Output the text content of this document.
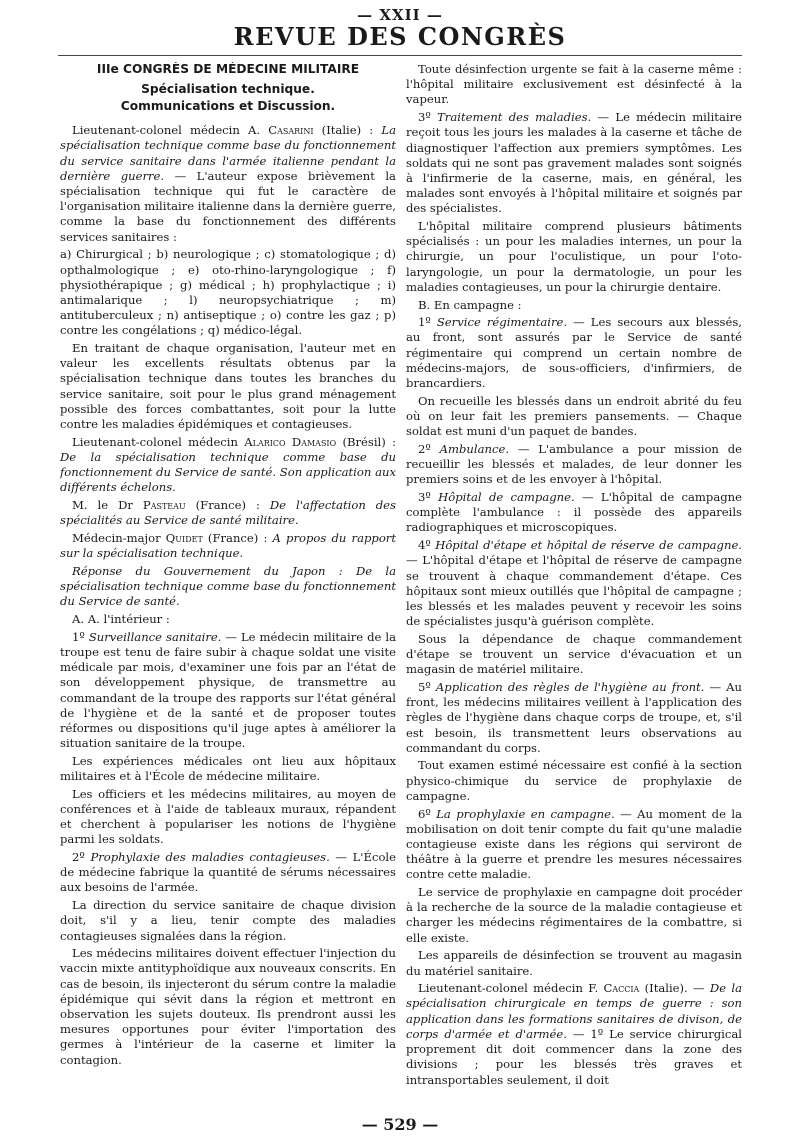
— XXII —
REVUE DES CONGRÈS
IIIe CONGRÈS DE MÉDECINE MILITAIRE
Spécialisation technique.
Communications et Discussion.

Lieutenant-colonel médecin A. Casarini (Italie) : La spécialisation technique comme base du fonctionnement du service sanitaire dans l'armée italienne pendant la dernière guerre. — L'auteur expose brièvement la spécialisation technique qui fut le caractère de l'organisation militaire italienne dans la dernière guerre, comme la base du fonctionnement des différents services sanitaires :

a) Chirurgical ; b) neurologique ; c) stomatologique ; d) opthalmologique ; e) oto-rhino-laryngologique ; f) physiothérapique ; g) médical ; h) prophylactique ; i) antimalarique ; l) neuropsychiatrique ; m) antituberculeux ; n) antiseptique ; o) contre les gaz ; p) contre les congélations ; q) médico-légal.

En traitant de chaque organisation, l'auteur met en valeur les excellents résultats obtenus par la spécialisation technique dans toutes les branches du service sanitaire, soit pour le plus grand ménagement possible des forces combattantes, soit pour la lutte contre les maladies épidémiques et contagieuses.

Lieutenant-colonel médecin Alarico Damasio (Brésil) : De la spécialisation technique comme base du fonctionnement du Service de santé. Son application aux différents échelons.

M. le Dr Pasteau (France) : De l'affectation des spécialités au Service de santé militaire.

Médecin-major Quidet (France) : A propos du rapport sur la spécialisation technique.

Réponse du Gouvernement du Japon : De la spécialisation technique comme base du fonctionnement du Service de santé.

A. A. l'intérieur :

1º Surveillance sanitaire. — Le médecin militaire de la troupe est tenu de faire subir à chaque soldat une visite médicale par mois, d'examiner une fois par an l'état de son développement physique, de transmettre au commandant de la troupe des rapports sur l'état général de l'hygiène et de la santé et de proposer toutes réformes ou dispositions qu'il juge aptes à améliorer la situation sanitaire de la troupe.

Les expériences médicales ont lieu aux hôpitaux militaires et à l'École de médecine militaire.

Les officiers et les médecins militaires, au moyen de conférences et à l'aide de tableaux muraux, répandent et cherchent à populariser les notions de l'hygiène parmi les soldats.

2º Prophylaxie des maladies contagieuses. — L'École de médecine fabrique la quantité de sérums nécessaires aux besoins de l'armée.

La direction du service sanitaire de chaque division doit, s'il y a lieu, tenir compte des maladies contagieuses signalées dans la région.

Les médecins militaires doivent effectuer l'injection du vaccin mixte antityphoïdique aux nouveaux conscrits. En cas de besoin, ils injecteront du sérum contre la maladie épidémique qui sévit dans la région et mettront en observation les sujets douteux. Ils prendront aussi les mesures opportunes pour éviter l'importation des germes à l'intérieur de la caserne et limiter la contagion.

Toute désinfection urgente se fait à la caserne même : l'hôpital militaire exclusivement est désinfecté à la vapeur.

3º Traitement des maladies. — Le médecin militaire reçoit tous les jours les malades à la caserne et tâche de diagnostiquer l'affection aux premiers symptômes. Les soldats qui ne sont pas gravement malades sont soignés à l'infirmerie de la caserne, mais, en général, les malades sont envoyés à l'hôpital militaire et soignés par des spécialistes.

L'hôpital militaire comprend plusieurs bâtiments spécialisés : un pour les maladies internes, un pour la chirurgie, un pour l'oculistique, un pour l'oto-laryngologie, un pour la dermatologie, un pour les maladies contagieuses, un pour la chirurgie dentaire.

B. En campagne :

1º Service régimentaire. — Les secours aux blessés, au front, sont assurés par le Service de santé régimentaire qui comprend un certain nombre de médecins-majors, de sous-officiers, d'infirmiers, de brancardiers.

On recueille les blessés dans un endroit abrité du feu où on leur fait les premiers pansements. — Chaque soldat est muni d'un paquet de bandes.

2º Ambulance. — L'ambulance a pour mission de recueillir les blessés et malades, de leur donner les premiers soins et de les envoyer à l'hôpital.

3º Hôpital de campagne. — L'hôpital de campagne complète l'ambulance : il possède des appareils radiographiques et microscopiques.

4º Hôpital d'étape et hôpital de réserve de campagne. — L'hôpital d'étape et l'hôpital de réserve de campagne se trouvent à chaque commandement d'étape. Ces hôpitaux sont mieux outillés que l'hôpital de campagne ; les blessés et les malades peuvent y recevoir les soins de spécialistes jusqu'à guérison complète.

Sous la dépendance de chaque commandement d'étape se trouvent un service d'évacuation et un magasin de matériel militaire.

5º Application des règles de l'hygiène au front. — Au front, les médecins militaires veillent à l'application des règles de l'hygiène dans chaque corps de troupe, et, s'il est besoin, ils transmettent leurs observations au commandant du corps.

Tout examen estimé nécessaire est confié à la section physico-chimique du service de prophylaxie de campagne.

6º La prophylaxie en campagne. — Au moment de la mobilisation on doit tenir compte du fait qu'une maladie contagieuse existe dans les régions qui serviront de théâtre à la guerre et prendre les mesures nécessaires contre cette maladie.

Le service de prophylaxie en campagne doit procéder à la recherche de la source de la maladie contagieuse et charger les médecins régimentaires de la combattre, si elle existe.

Les appareils de désinfection se trouvent au magasin du matériel sanitaire.

Lieutenant-colonel médecin F. Caccia (Italie). — De la spécialisation chirurgicale en temps de guerre : son application dans les formations sanitaires de divison, de corps d'armée et d'armée. — 1º Le service chirurgical proprement dit doit commencer dans la zone des divisions ; pour les blessés très graves et intransportables seulement, il doit

— 529 —
